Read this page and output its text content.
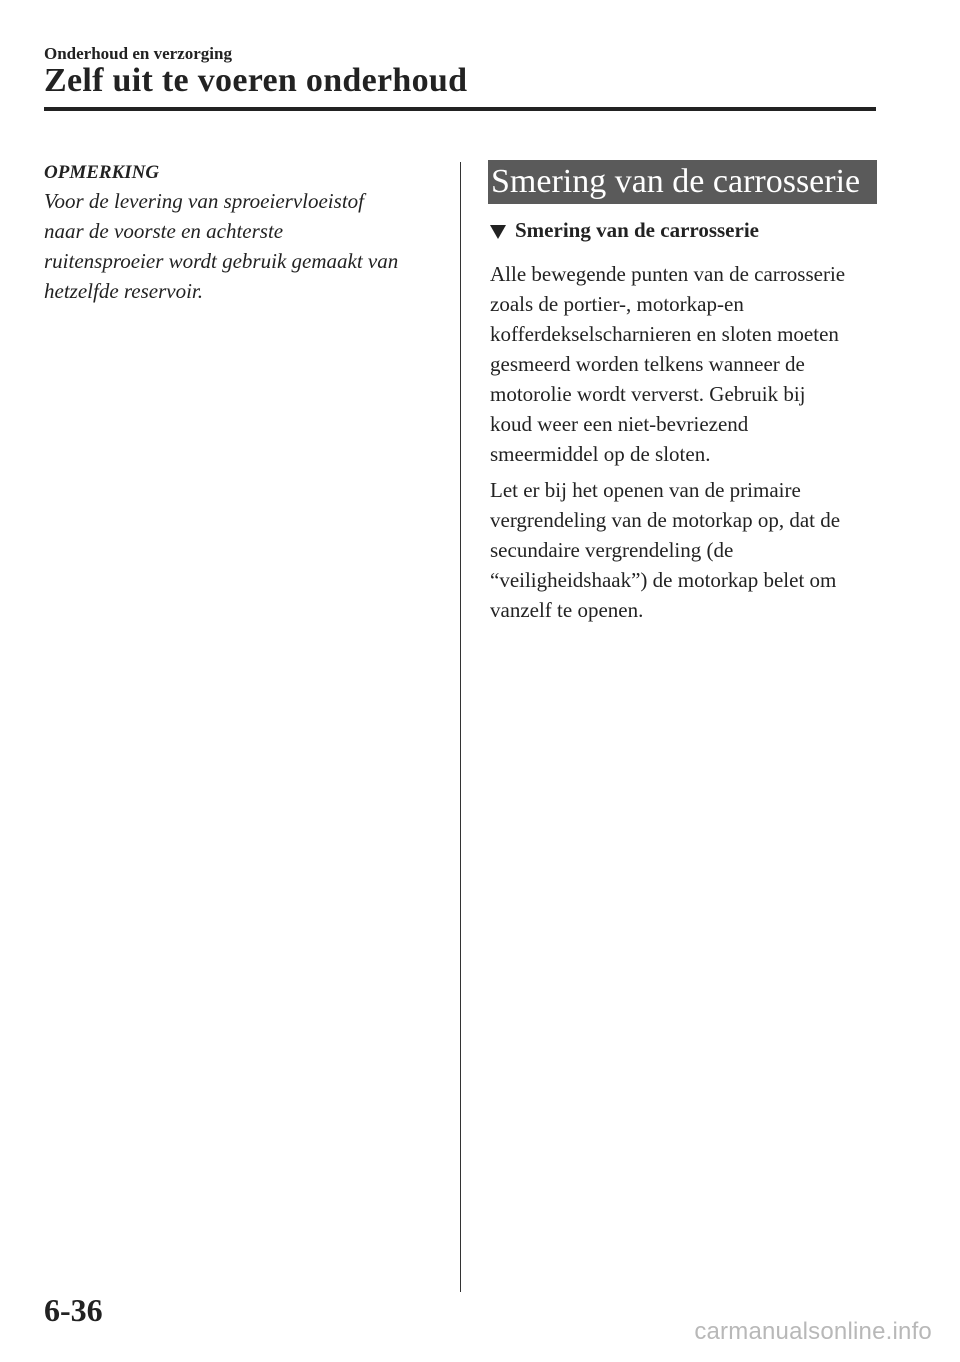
Onderhoud en verzorging
Zelf uit te voeren onderhoud
OPMERKING
Voor de levering van sproeiervloeistof
naar de voorste en achterste
ruitensproeier wordt gebruik gemaakt van
hetzelfde reservoir.
Smering van de carrosserie
Smering van de carrosserie
Alle bewegende punten van de carrosserie
zoals de portier-, motorkap-en
kofferdekselscharnieren en sloten moeten
gesmeerd worden telkens wanneer de
motorolie wordt ververst. Gebruik bij
koud weer een niet-bevriezend
smeermiddel op de sloten.
Let er bij het openen van de primaire
vergrendeling van de motorkap op, dat de
secundaire vergrendeling (de
“veiligheidshaak”) de motorkap belet om
vanzelf te openen.
6-36
carmanualsonline.info
